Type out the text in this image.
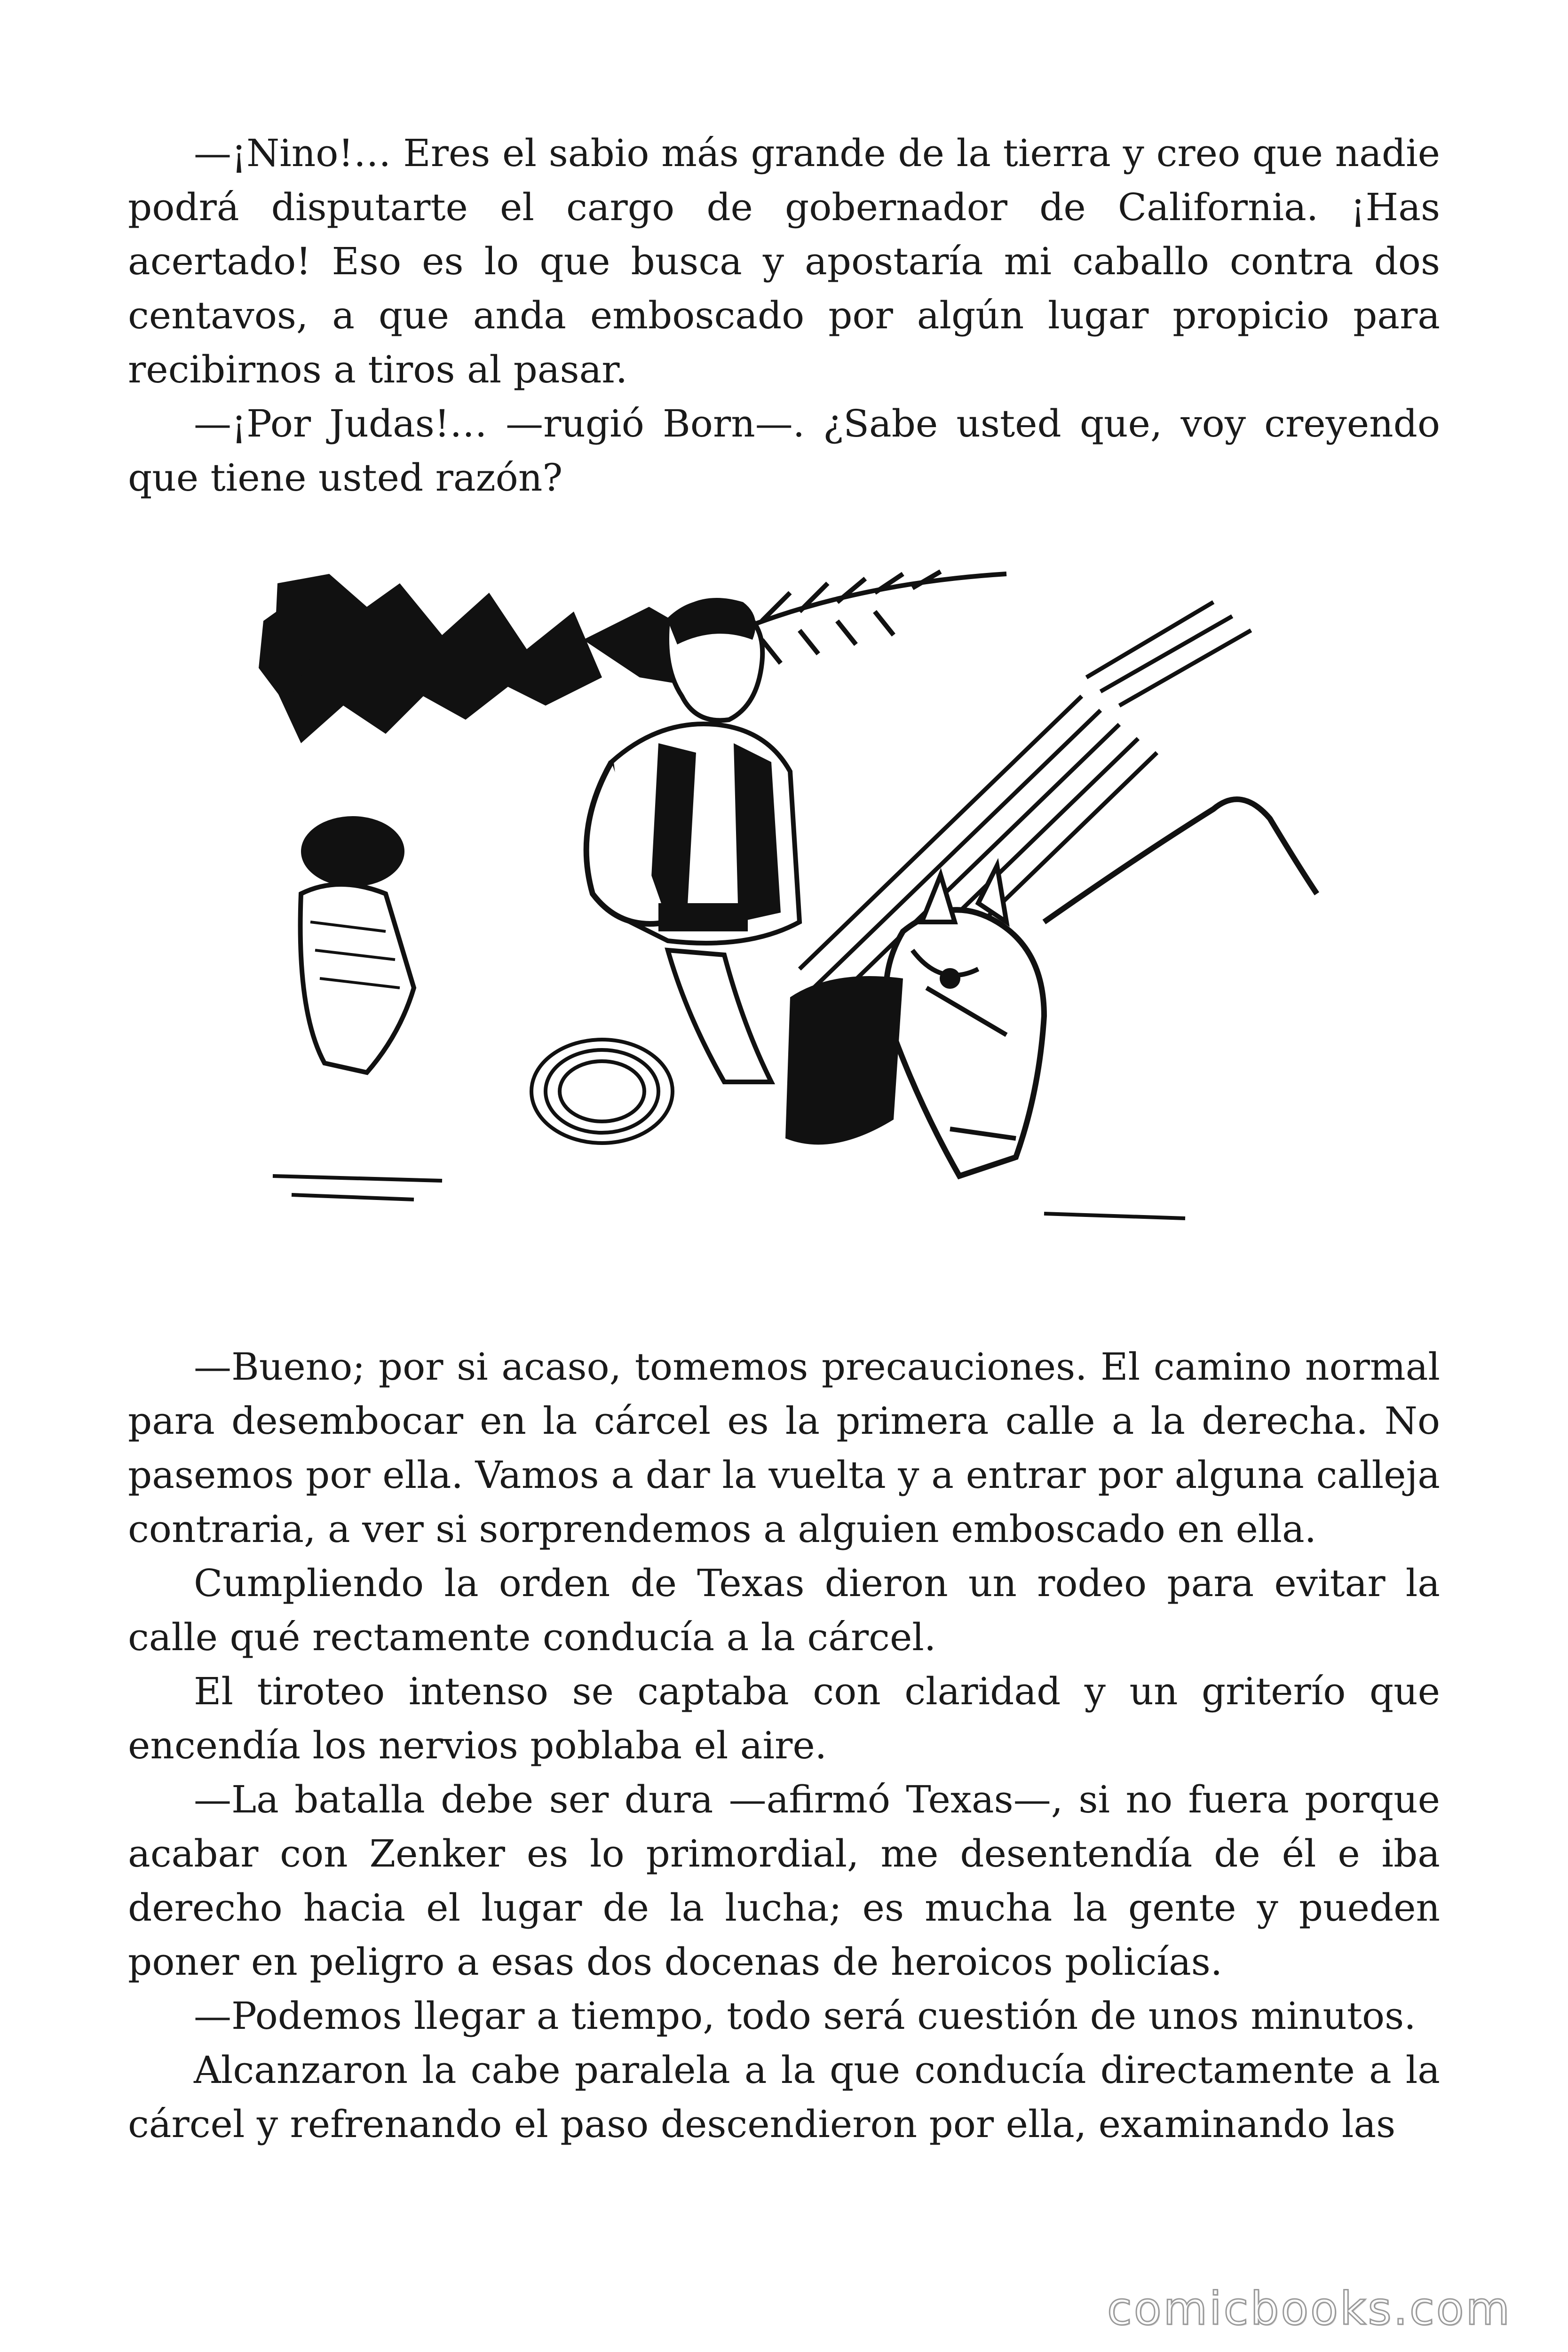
—¡Nino!… Eres el sabio más grande de la tierra y creo que nadie podrá disputarte el cargo de gobernador de California. ¡Has acertado! Eso es lo que busca y apostaría mi caballo contra dos centavos, a que anda emboscado por algún lugar propicio para recibirnos a tiros al pasar.

—¡Por Judas!… —rugió Born—. ¿Sabe usted que, voy creyendo que tiene usted razón?

—Bueno; por si acaso, tomemos precauciones. El camino normal para desembocar en la cárcel es la primera calle a la derecha. No pasemos por ella. Vamos a dar la vuelta y a entrar por alguna calleja contraria, a ver si sorprendemos a alguien emboscado en ella.

Cumpliendo la orden de Texas dieron un rodeo para evitar la calle qué rectamente conducía a la cárcel.

El tiroteo intenso se captaba con claridad y un griterío que encendía los nervios poblaba el aire.

—La batalla debe ser dura —afirmó Texas—, si no fuera porque acabar con Zenker es lo primordial, me desentendía de él e iba derecho hacia el lugar de la lucha; es mucha la gente y pueden poner en peligro a esas dos docenas de heroicos policías.

—Podemos llegar a tiempo, todo será cuestión de unos minutos.

Alcanzaron la cabe paralela a la que conducía directamente a la cárcel y refrenando el paso descendieron por ella, examinando las

comicbooks.com
